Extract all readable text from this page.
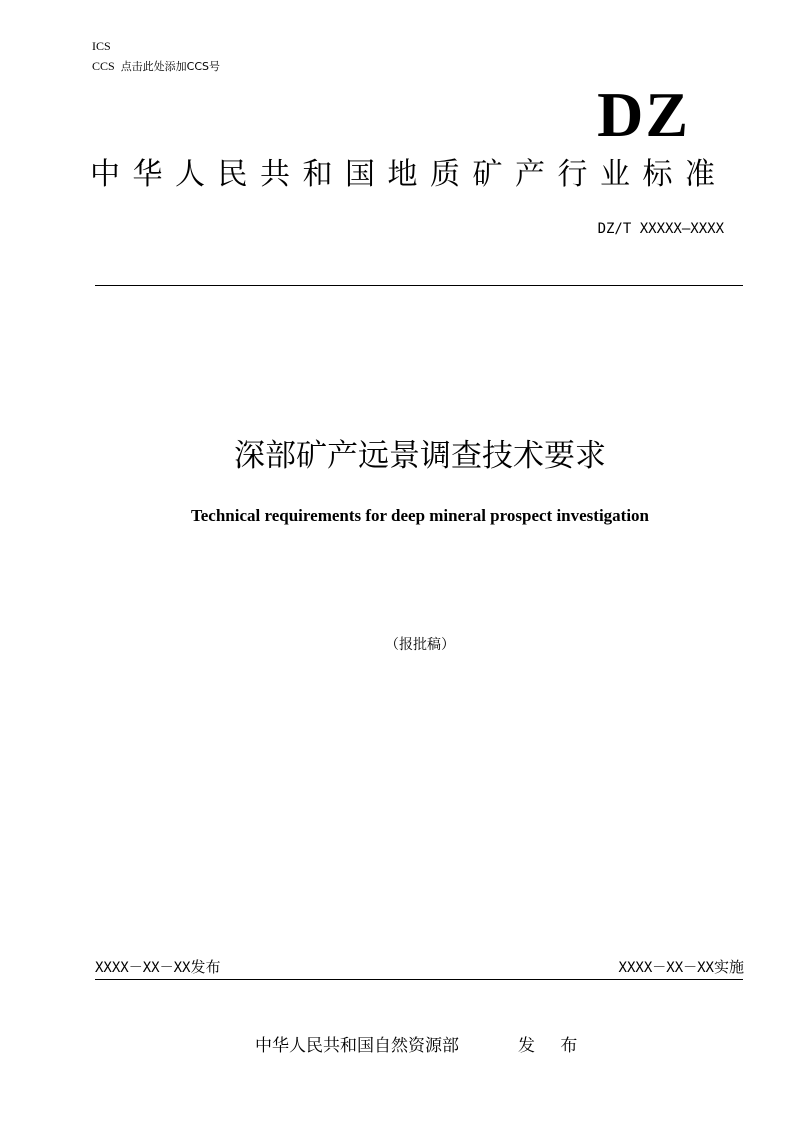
ICS
CCS 点击此处添加CCS号
DZ
中华人民共和国地质矿产行业标准
DZ/T XXXXX—XXXX
深部矿产远景调查技术要求
Technical requirements for deep mineral prospect investigation
（报批稿）
XXXX－XX－XX发布	XXXX－XX－XX实施
中华人民共和国自然资源部	发 布
